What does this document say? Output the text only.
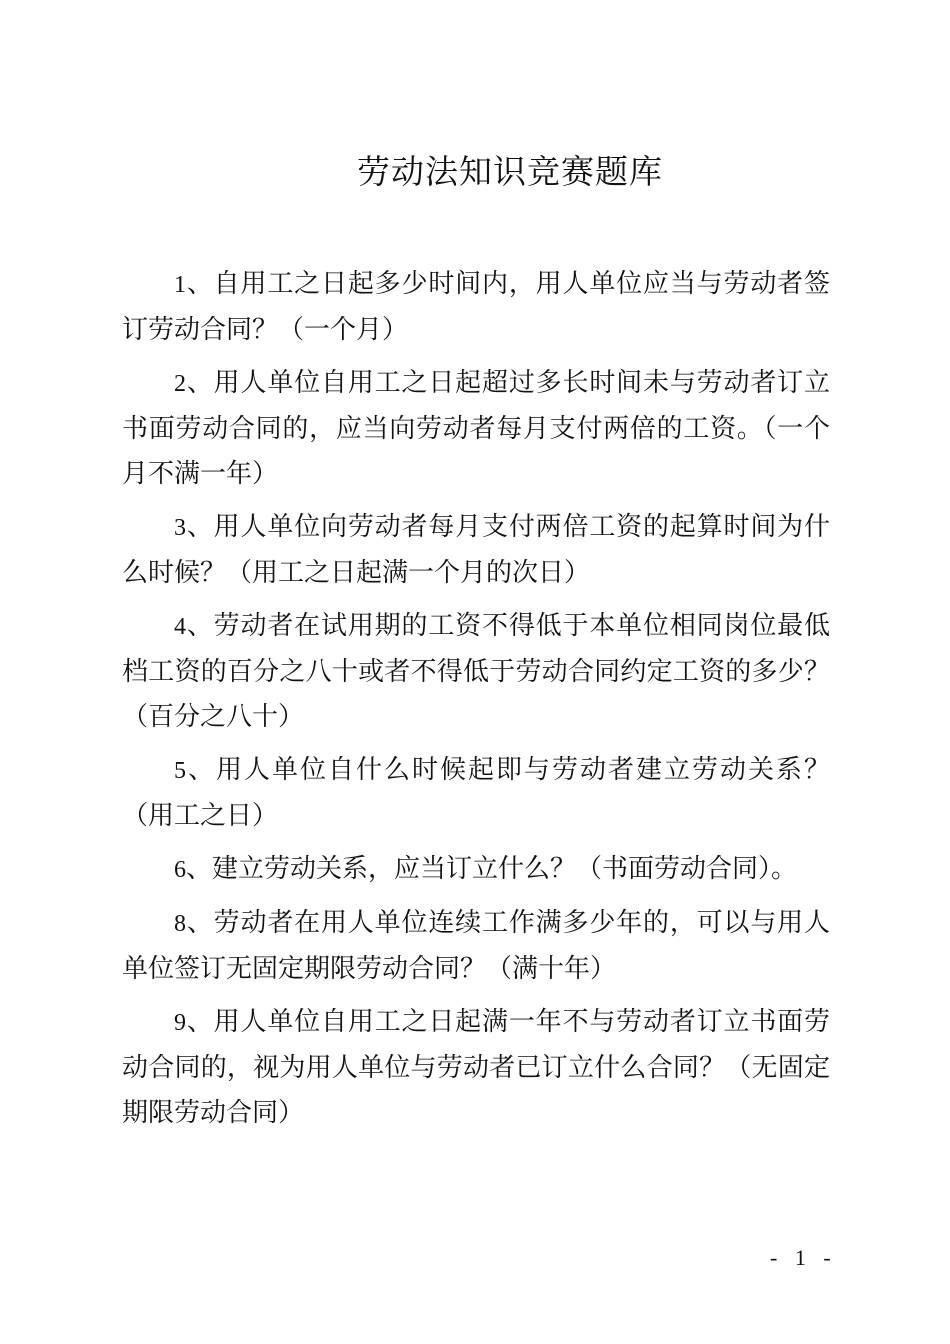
劳动法知识竞赛题库

1、自用工之日起多少时间内，用人单位应当与劳动者签订劳动合同？（一个月）

2、用人单位自用工之日起超过多长时间未与劳动者订立书面劳动合同的，应当向劳动者每月支付两倍的工资。（一个月不满一年）

3、用人单位向劳动者每月支付两倍工资的起算时间为什么时候？（用工之日起满一个月的次日）

4、劳动者在试用期的工资不得低于本单位相同岗位最低档工资的百分之八十或者不得低于劳动合同约定工资的多少？（百分之八十）

5、用人单位自什么时候起即与劳动者建立劳动关系？（用工之日）

6、建立劳动关系，应当订立什么？（书面劳动合同）。

8、劳动者在用人单位连续工作满多少年的，可以与用人单位签订无固定期限劳动合同？（满十年）

9、用人单位自用工之日起满一年不与劳动者订立书面劳动合同的，视为用人单位与劳动者已订立什么合同？（无固定期限劳动合同）

- 1 -
